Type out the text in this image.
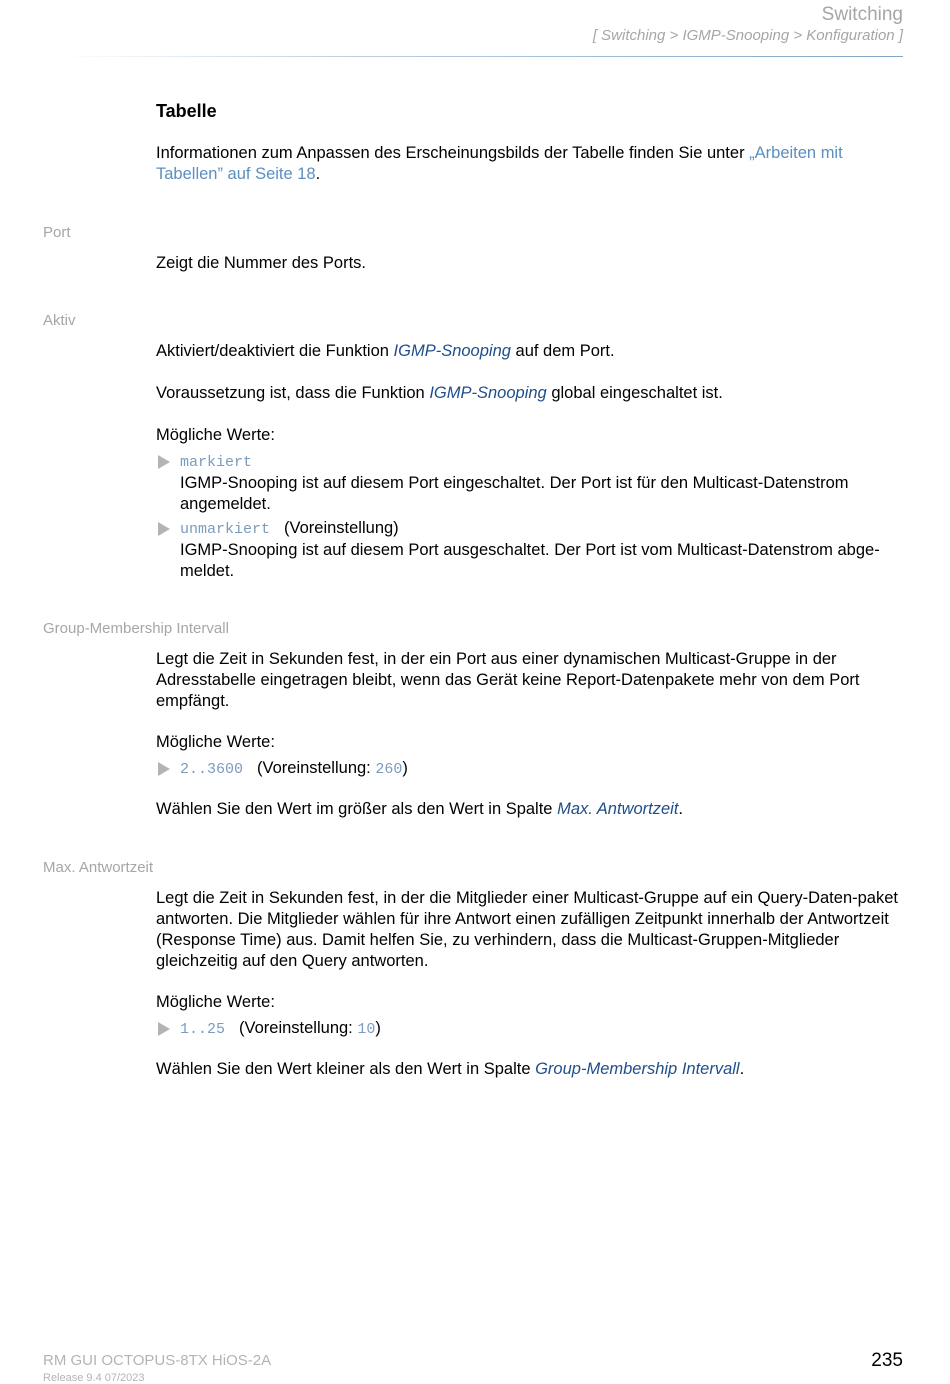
Switching
[ Switching > IGMP-Snooping > Konfiguration ]
Tabelle
Informationen zum Anpassen des Erscheinungsbilds der Tabelle finden Sie unter „Arbeiten mit Tabellen” auf Seite 18.
Port
Zeigt die Nummer des Ports.
Aktiv
Aktiviert/deaktiviert die Funktion IGMP-Snooping auf dem Port.
Voraussetzung ist, dass die Funktion IGMP-Snooping global eingeschaltet ist.
Mögliche Werte:
markiert
IGMP-Snooping ist auf diesem Port eingeschaltet. Der Port ist für den Multicast-Datenstrom angemeldet.
unmarkiert (Voreinstellung)
IGMP-Snooping ist auf diesem Port ausgeschaltet. Der Port ist vom Multicast-Datenstrom abge-meldet.
Group-Membership Intervall
Legt die Zeit in Sekunden fest, in der ein Port aus einer dynamischen Multicast-Gruppe in der Adresstabelle eingetragen bleibt, wenn das Gerät keine Report-Datenpakete mehr von dem Port empfängt.
Mögliche Werte:
2..3600 (Voreinstellung: 260)
Wählen Sie den Wert im größer als den Wert in Spalte Max. Antwortzeit.
Max. Antwortzeit
Legt die Zeit in Sekunden fest, in der die Mitglieder einer Multicast-Gruppe auf ein Query-Daten-paket antworten. Die Mitglieder wählen für ihre Antwort einen zufälligen Zeitpunkt innerhalb der Antwortzeit (Response Time) aus. Damit helfen Sie, zu verhindern, dass die Multicast-Gruppen-Mitglieder gleichzeitig auf den Query antworten.
Mögliche Werte:
1..25 (Voreinstellung: 10)
Wählen Sie den Wert kleiner als den Wert in Spalte Group-Membership Intervall.
RM GUI OCTOPUS-8TX HiOS-2A
Release 9.4 07/2023
235
